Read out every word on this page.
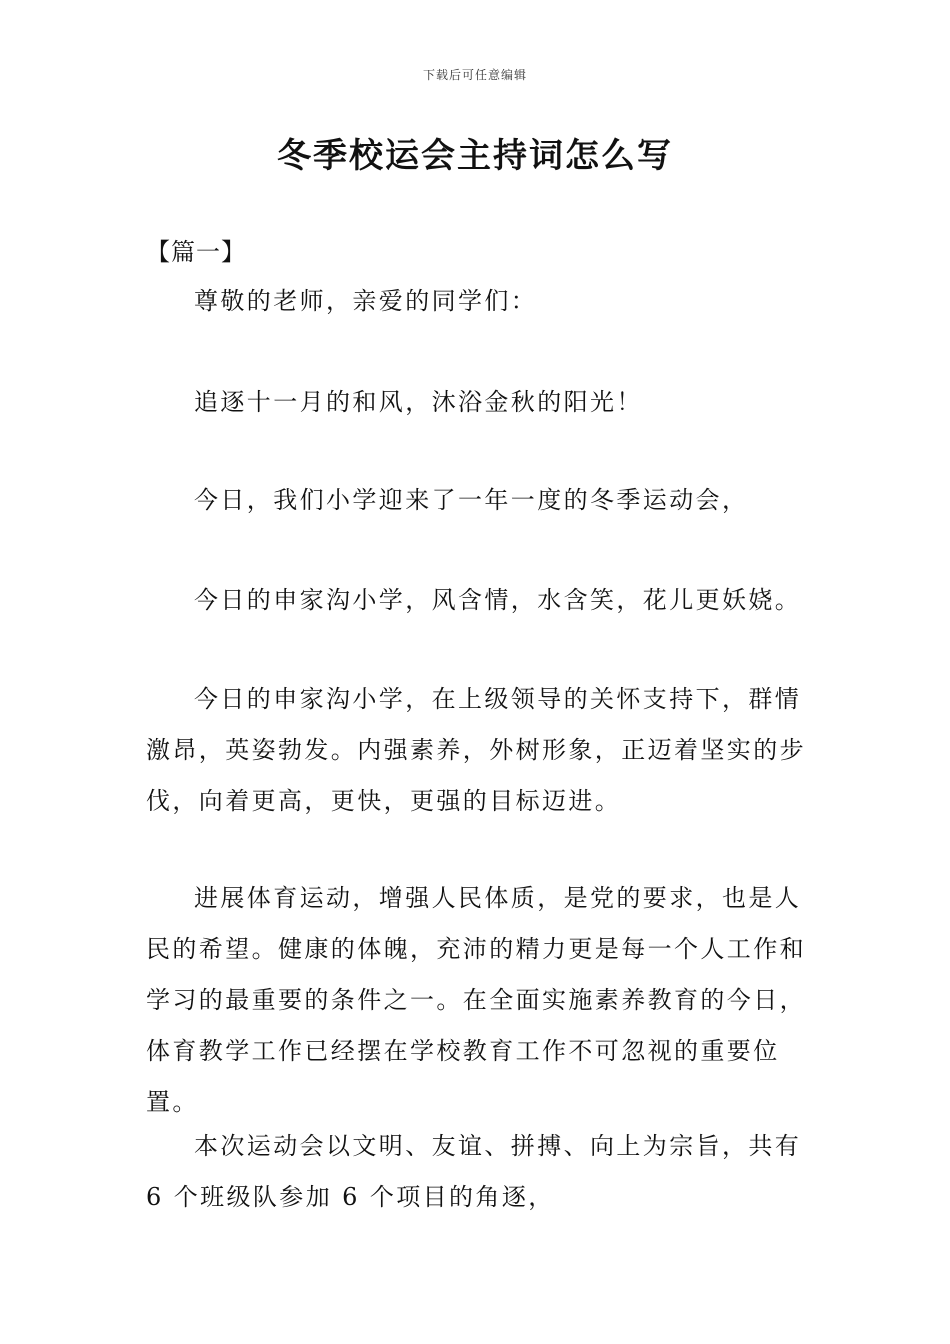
下载后可任意编辑
冬季校运会主持词怎么写
【篇一】

尊敬的老师，亲爱的同学们：

追逐十一月的和风，沐浴金秋的阳光！

今日，我们小学迎来了一年一度的冬季运动会，

今日的申家沟小学，风含情，水含笑，花儿更妖娆。

今日的申家沟小学，在上级领导的关怀支持下，群情激昂，英姿勃发。内强素养，外树形象，正迈着坚实的步伐，向着更高，更快，更强的目标迈进。

进展体育运动，增强人民体质，是党的要求，也是人民的希望。健康的体魄，充沛的精力更是每一个人工作和学习的最重要的条件之一。在全面实施素养教育的今日，体育教学工作已经摆在学校教育工作不可忽视的重要位置。

本次运动会以文明、友谊、拼搏、向上为宗旨，共有 6 个班级队参加 6 个项目的角逐，
